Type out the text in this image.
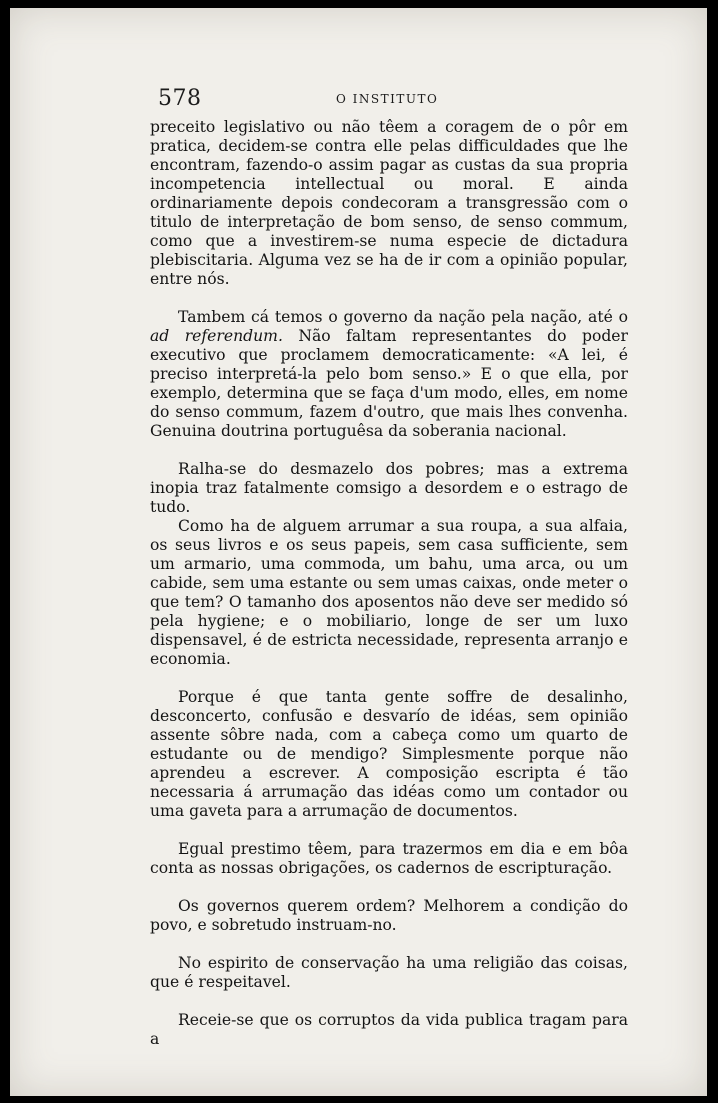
578	O INSTITUTO

preceito legislativo ou não têem a coragem de o pôr em pratica, decidem-se contra elle pelas difficuldades que lhe encontram, fazendo-o assim pagar as custas da sua propria incompetencia intellectual ou moral. E ainda ordinariamente depois condecoram a transgressão com o titulo de interpretação de bom senso, de senso commum, como que a investirem-se numa especie de dictadura plebiscitaria. Alguma vez se ha de ir com a opinião popular, entre nós.

Tambem cá temos o governo da nação pela nação, até o ad referendum. Não faltam representantes do poder executivo que proclamem democraticamente: «A lei, é preciso interpretá-la pelo bom senso.» E o que ella, por exemplo, determina que se faça d'um modo, elles, em nome do senso commum, fazem d'outro, que mais lhes convenha. Genuina doutrina portuguêsa da soberania nacional.

Ralha-se do desmazelo dos pobres; mas a extrema inopia traz fatalmente comsigo a desordem e o estrago de tudo.

Como ha de alguem arrumar a sua roupa, a sua alfaia, os seus livros e os seus papeis, sem casa sufficiente, sem um armario, uma commoda, um bahu, uma arca, ou um cabide, sem uma estante ou sem umas caixas, onde meter o que tem? O tamanho dos aposentos não deve ser medido só pela hygiene; e o mobiliario, longe de ser um luxo dispensavel, é de estricta necessidade, representa arranjo e economia.

Porque é que tanta gente soffre de desalinho, desconcerto, confusão e desvarío de idéas, sem opinião assente sôbre nada, com a cabeça como um quarto de estudante ou de mendigo? Simplesmente porque não aprendeu a escrever. A composição escripta é tão necessaria á arrumação das idéas como um contador ou uma gaveta para a arrumação de documentos.

Egual prestimo têem, para trazermos em dia e em bôa conta as nossas obrigações, os cadernos de escripturação.

Os governos querem ordem? Melhorem a condição do povo, e sobretudo instruam-no.

No espirito de conservação ha uma religião das coisas, que é respeitavel.

Receie-se que os corruptos da vida publica tragam para a
